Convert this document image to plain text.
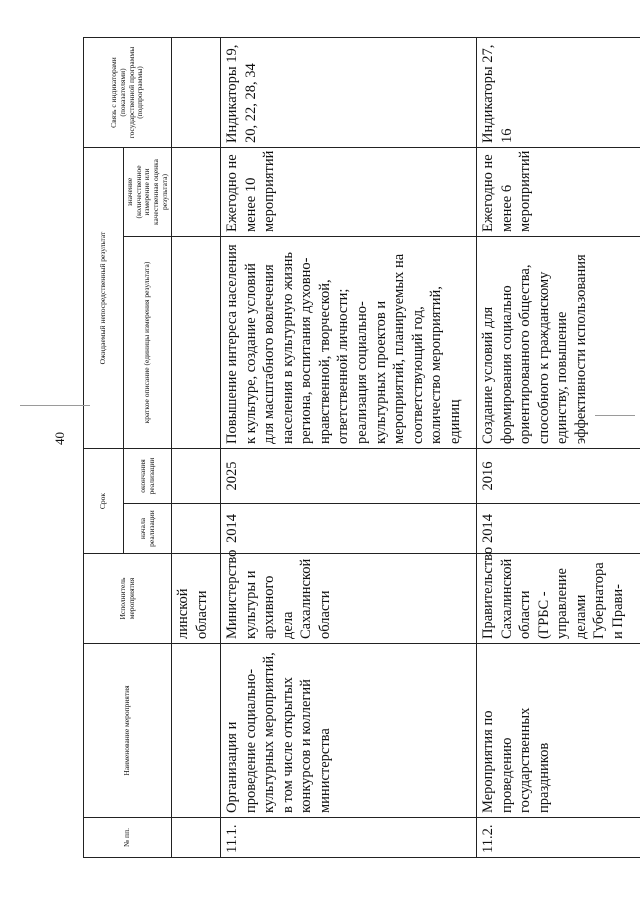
40
№ пп.	Наименование мероприятия	Исполнитель мероприятия	Срок		Ожидаемый непосредственный результат		Связь с индикаторами (показателями) государственной программы (подпрограммы)
			начала реализации	окончания реализации	краткое описание (единицы измерения результата)	значение (количественное измерение или качественная оценка результата)	
		линской области					
11.1.	Организация и проведение социально-культурных мероприятий, в том числе открытых конкурсов и коллегий министерства	Министерство культуры и архивного дела Сахалинской области	2014	2025	Повышение интереса населения к культуре, создание условий для масштабного вовлечения населения в культурную жизнь региона, воспитания духовно-нравственной, творческой, ответственной личности; реализация социально-культурных проектов и мероприятий, планируемых на соответствующий год, количество мероприятий, единиц	Ежегодно не менее 10 мероприятий	Индикаторы 19, 20, 22, 28, 34
11.2.	Мероприятия по проведению государственных праздников	Правительство Сахалинской области (ГРБС - управление делами Губернатора и Прави-	2014	2016	Создание условий для формирования социально ориентированного общества, способного к гражданскому единству, повышение эффективности использования	Ежегодно не менее 6 мероприятий	Индикаторы 27, 16
